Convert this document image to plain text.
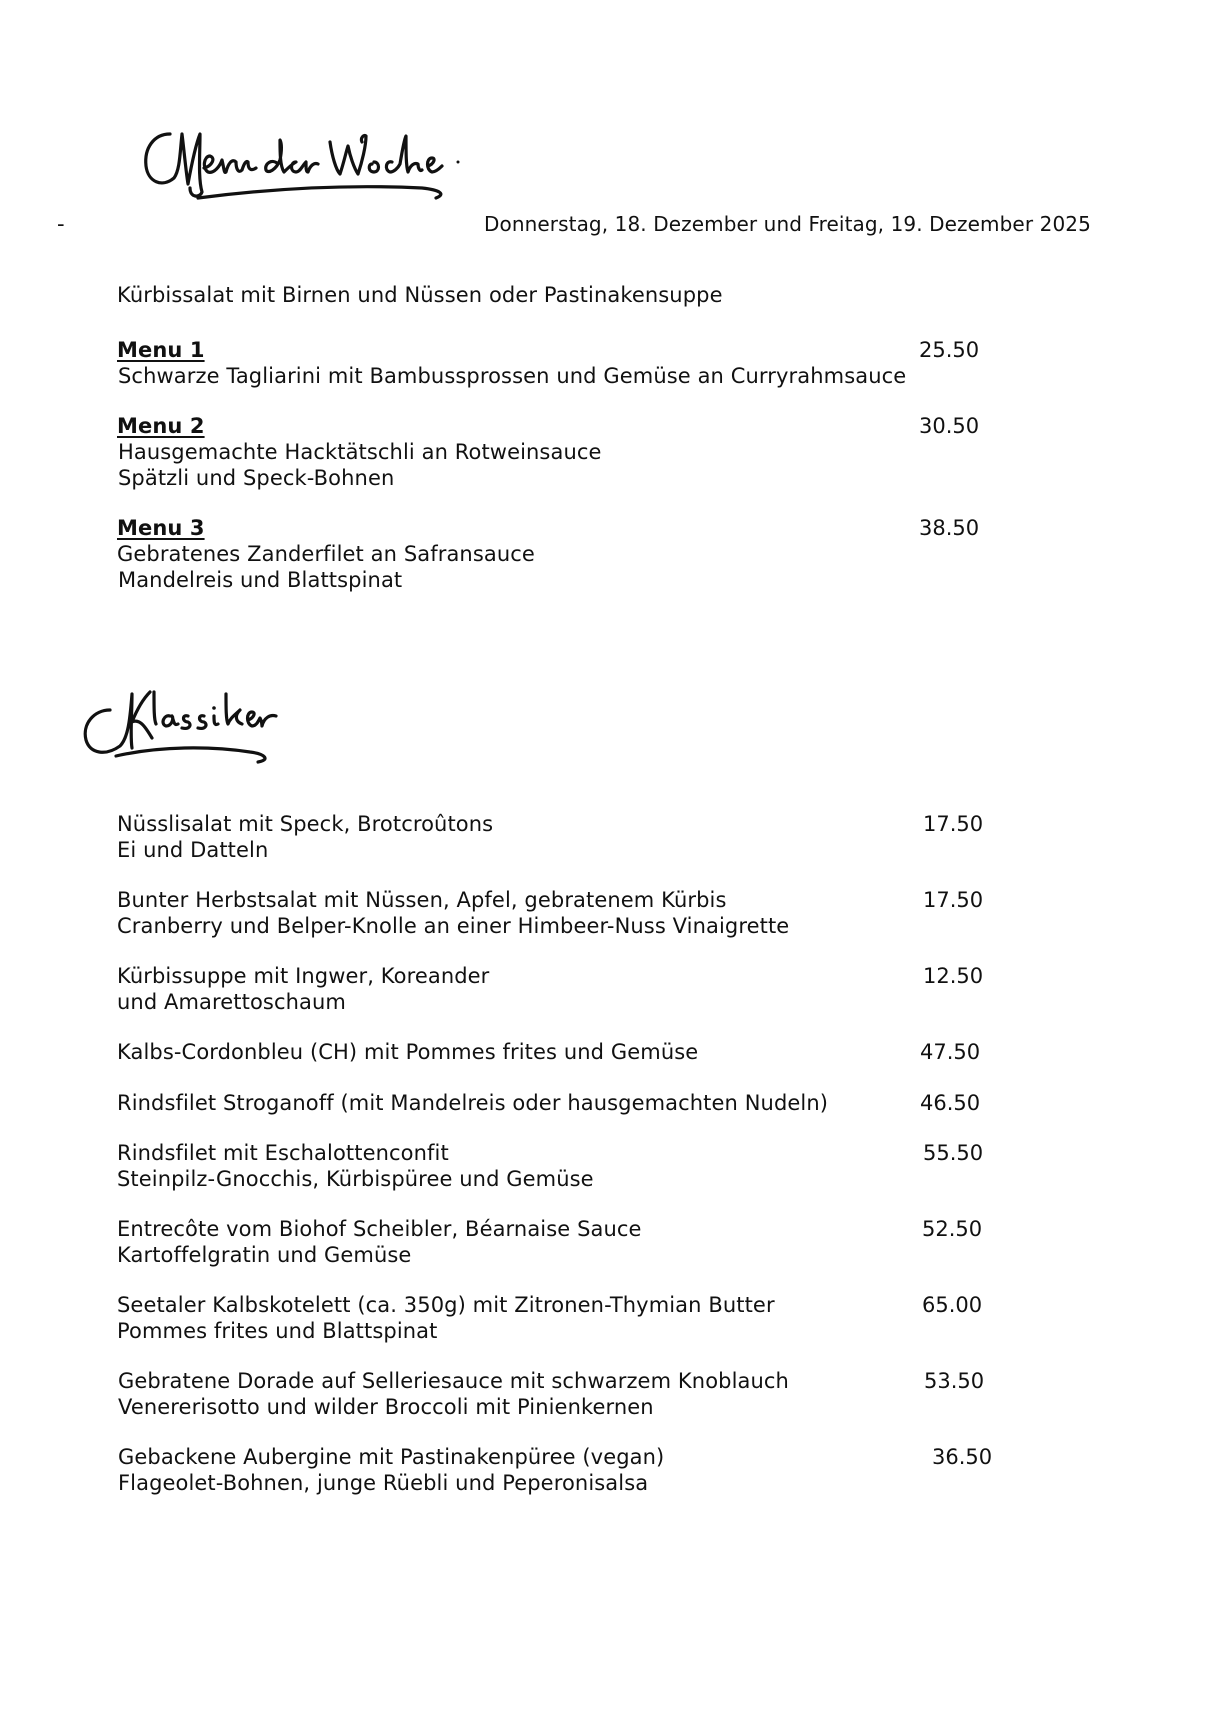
-	Donnerstag, 18. Dezember und Freitag, 19. Dezember 2025
Kürbissalat mit Birnen und Nüssen oder Pastinakensuppe
Menu 1	25.50
Schwarze Tagliarini mit Bambussprossen und Gemüse an Curryrahmsauce
Menu 2	30.50
Hausgemachte Hacktätschli an Rotweinsauce
Spätzli und Speck-Bohnen
Menu 3	38.50
Gebratenes Zanderfilet an Safransauce
Mandelreis und Blattspinat
Nüsslisalat mit Speck, Brotcroûtons	17.50
Ei und Datteln
Bunter Herbstsalat mit Nüssen, Apfel, gebratenem Kürbis	17.50
Cranberry und Belper-Knolle an einer Himbeer-Nuss Vinaigrette
Kürbissuppe mit Ingwer, Koreander	12.50
und Amarettoschaum
Kalbs-Cordonbleu (CH) mit Pommes frites und Gemüse	47.50
Rindsfilet Stroganoff (mit Mandelreis oder hausgemachten Nudeln)	46.50
Rindsfilet mit Eschalottenconfit	55.50
Steinpilz-Gnocchis, Kürbispüree und Gemüse
Entrecôte vom Biohof Scheibler, Béarnaise Sauce	52.50
Kartoffelgratin und Gemüse
Seetaler Kalbskotelett (ca. 350g) mit Zitronen-Thymian Butter	65.00
Pommes frites und Blattspinat
Gebratene Dorade auf Selleriesauce mit schwarzem Knoblauch	53.50
Venererisotto und wilder Broccoli mit Pinienkernen
Gebackene Aubergine mit Pastinakenpüree (vegan)	36.50
Flageolet-Bohnen, junge Rüebli und Peperonisalsa
